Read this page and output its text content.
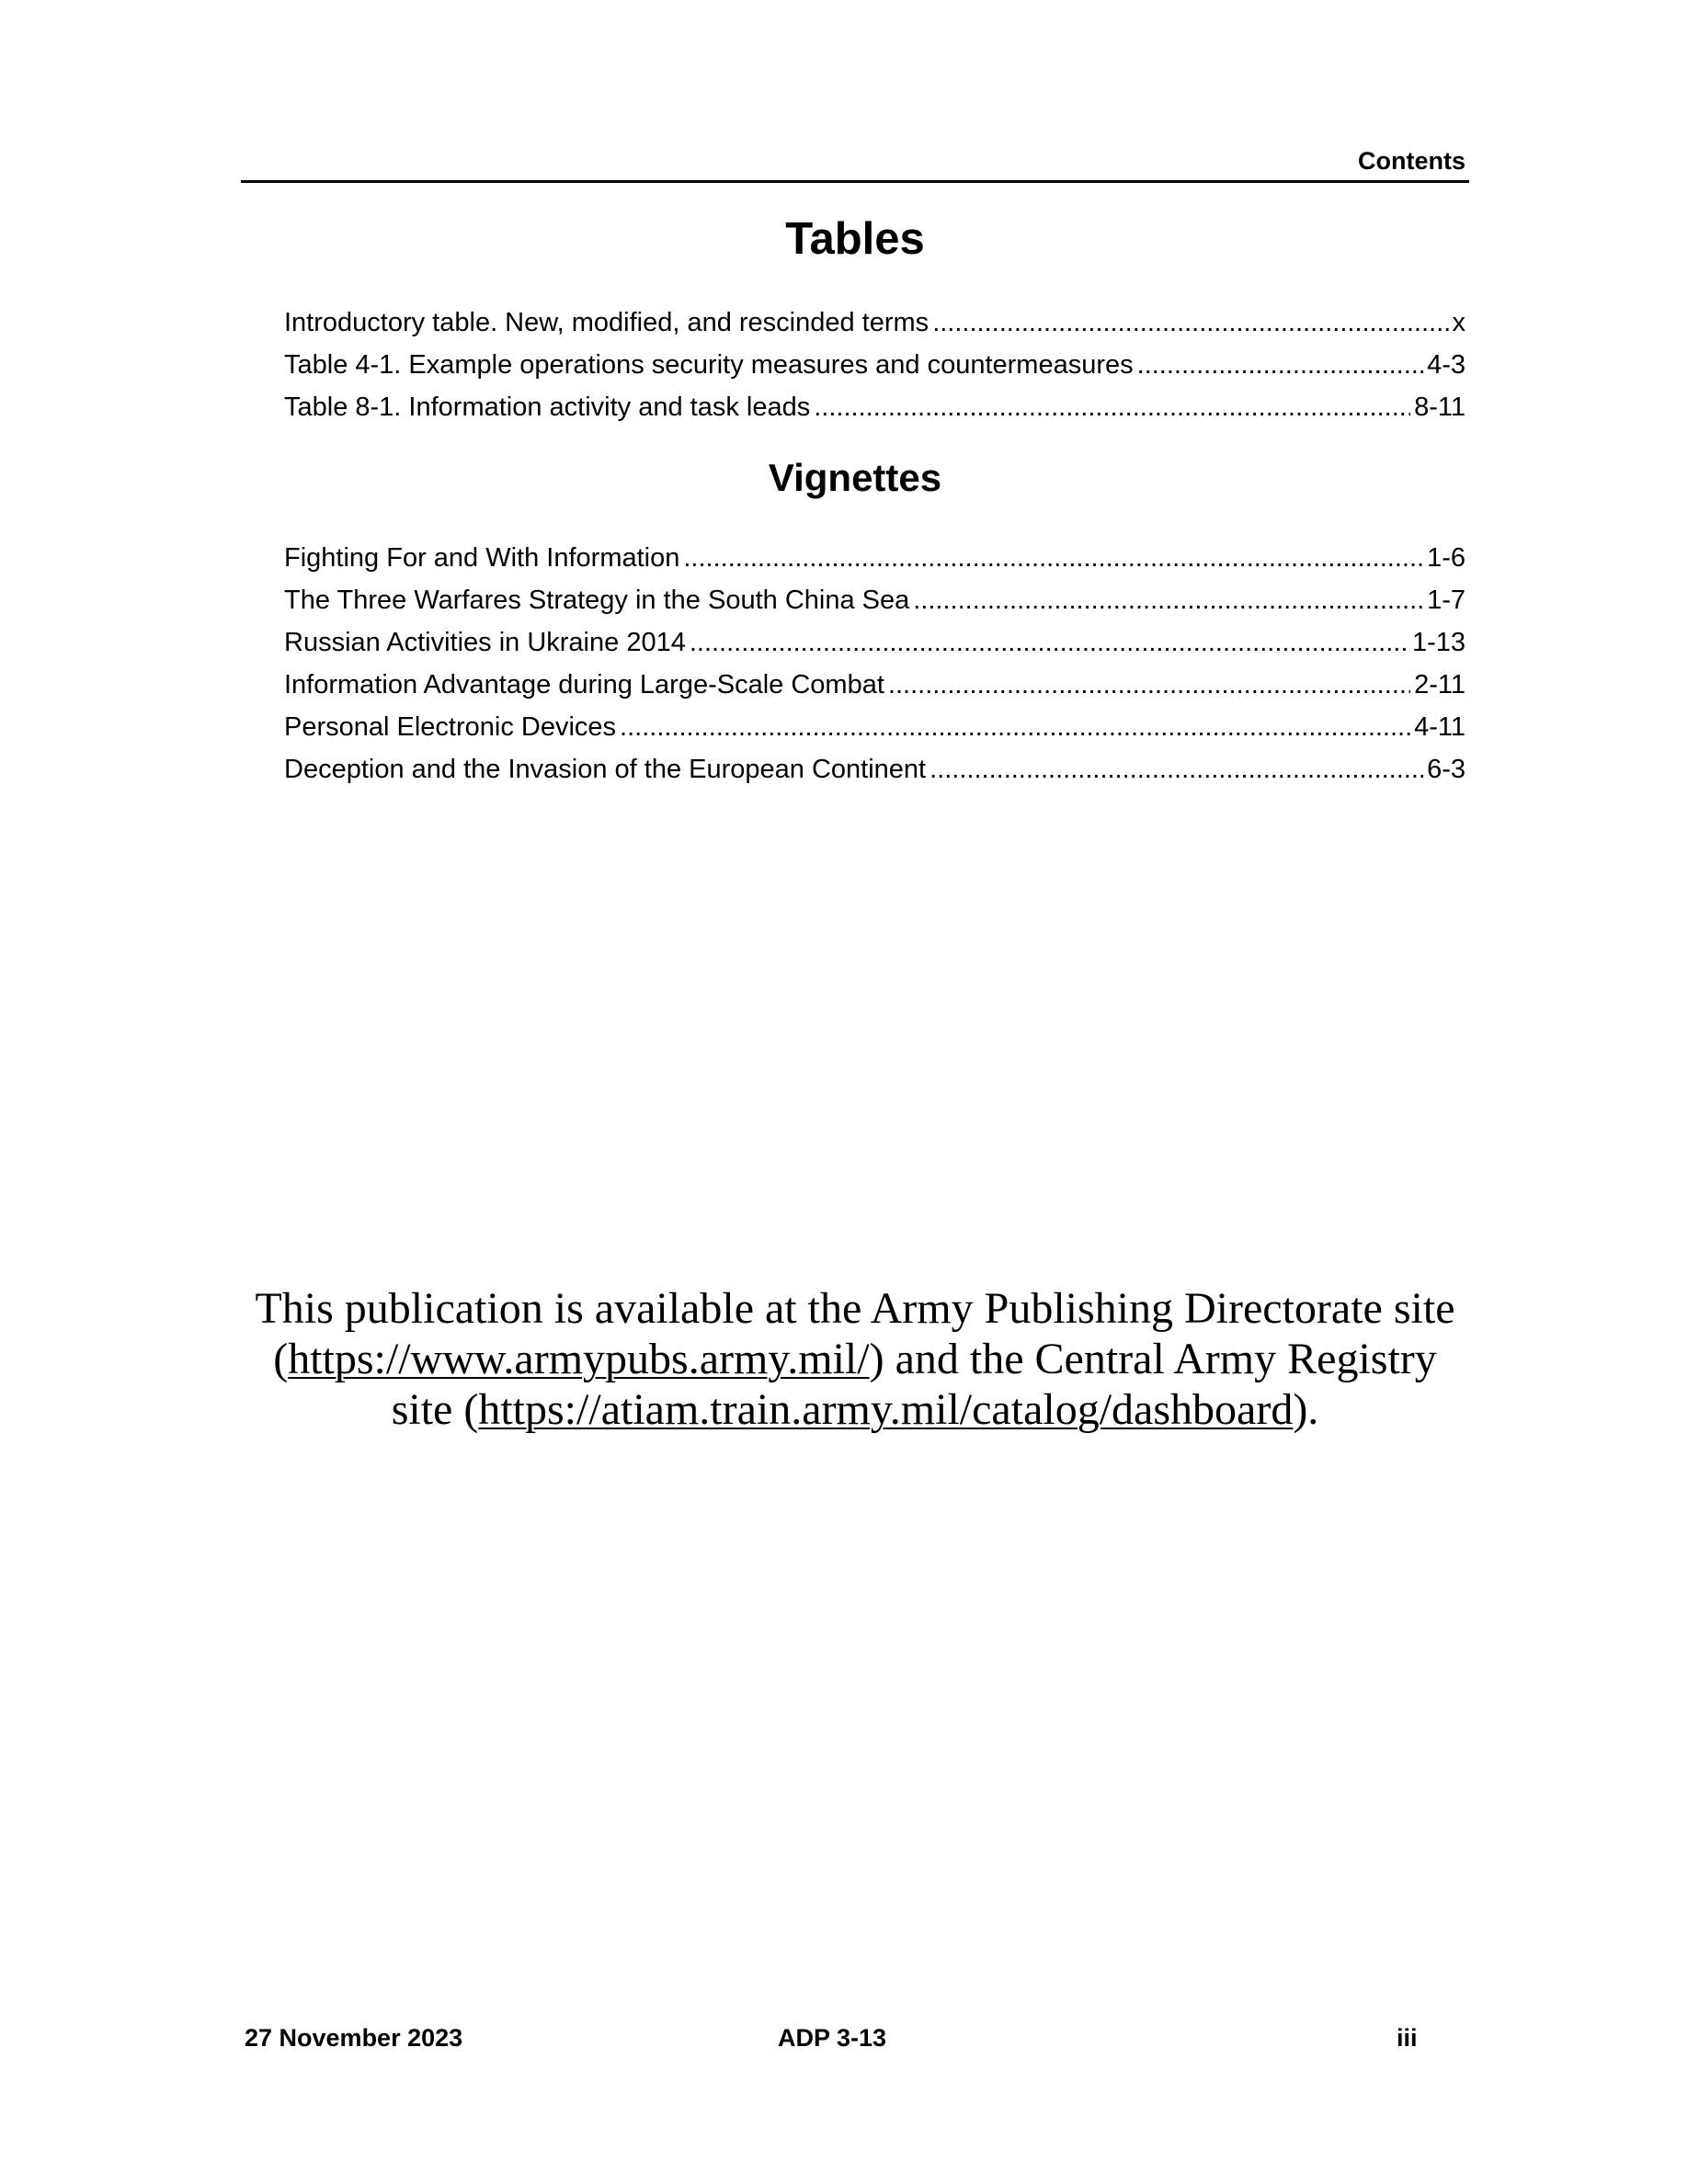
Contents
Tables
Introductory table. New, modified, and rescinded terms .....	x
Table 4-1. Example operations security measures and countermeasures .....	4-3
Table 8-1. Information activity and task leads .....	8-11
Vignettes
Fighting For and With Information .....	1-6
The Three Warfares Strategy in the South China Sea .....	1-7
Russian Activities in Ukraine 2014 .....	1-13
Information Advantage during Large-Scale Combat .....	2-11
Personal Electronic Devices .....	4-11
Deception and the Invasion of the European Continent .....	6-3

This publication is available at the Army Publishing Directorate site (https://www.armypubs.army.mil/) and the Central Army Registry site (https://atiam.train.army.mil/catalog/dashboard).

27 November 2023	ADP 3-13	iii
